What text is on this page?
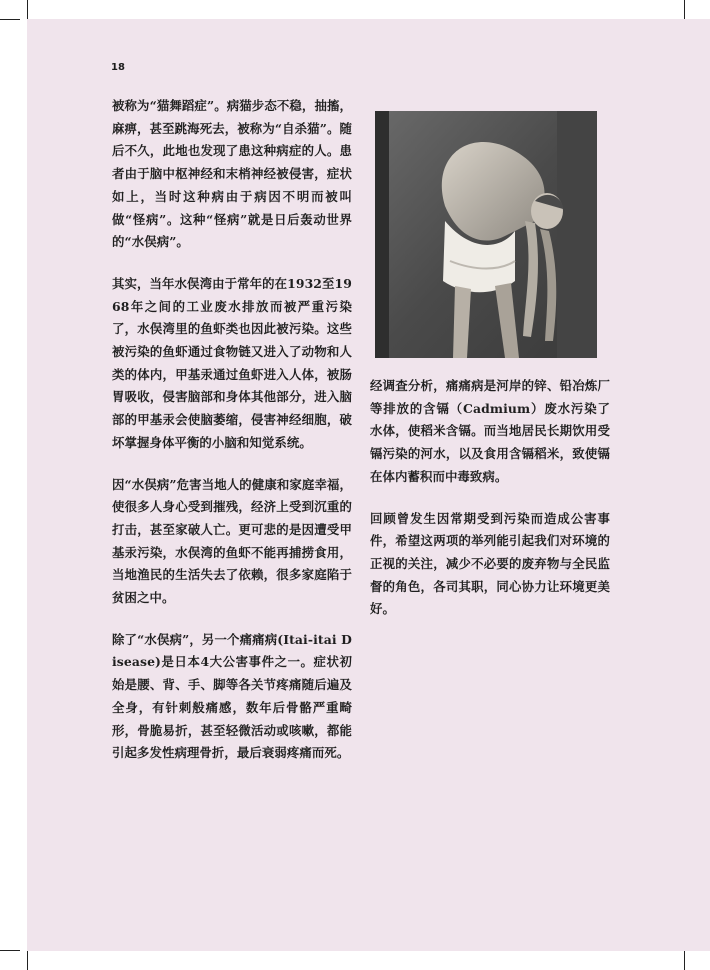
18

被称为“猫舞蹈症”。病猫步态不稳，抽搐，麻痹，甚至跳海死去，被称为“自杀猫”。随后不久，此地也发现了患这种病症的人。患者由于脑中枢神经和末梢神经被侵害，症状如上，当时这种病由于病因不明而被叫做“怪病”。这种“怪病”就是日后轰动世界的“水俣病”。

其实，当年水俣湾由于常年的在1932至1968年之间的工业废水排放而被严重污染了，水俣湾里的鱼虾类也因此被污染。这些被污染的鱼虾通过食物链又进入了动物和人类的体内，甲基汞通过鱼虾进入人体，被肠胃吸收，侵害脑部和身体其他部分，进入脑部的甲基汞会使脑萎缩，侵害神经细胞，破坏掌握身体平衡的小脑和知觉系统。

因“水俣病”危害当地人的健康和家庭幸福，使很多人身心受到摧残，经济上受到沉重的打击，甚至家破人亡。更可悲的是因遭受甲基汞污染，水俣湾的鱼虾不能再捕捞食用，当地渔民的生活失去了依赖，很多家庭陷于贫困之中。

除了“水俣病”，另一个痛痛病(Itai-itai Disease)是日本4大公害事件之一。症状初始是腰、背、手、脚等各关节疼痛随后遍及全身，有针刺般痛感，数年后骨骼严重畸形，骨脆易折，甚至轻微活动或咳嗽，都能引起多发性病理骨折，最后衰弱疼痛而死。

经调查分析，痛痛病是河岸的锌、铅冶炼厂等排放的含镉（Cadmium）废水污染了水体，使稻米含镉。而当地居民长期饮用受镉污染的河水，以及食用含镉稻米，致使镉在体内蓄积而中毒致病。

回顾曾发生因常期受到污染而造成公害事件，希望这两项的举列能引起我们对环境的正视的关注，减少不必要的废弃物与全民监督的角色，各司其职，同心协力让环境更美好。
